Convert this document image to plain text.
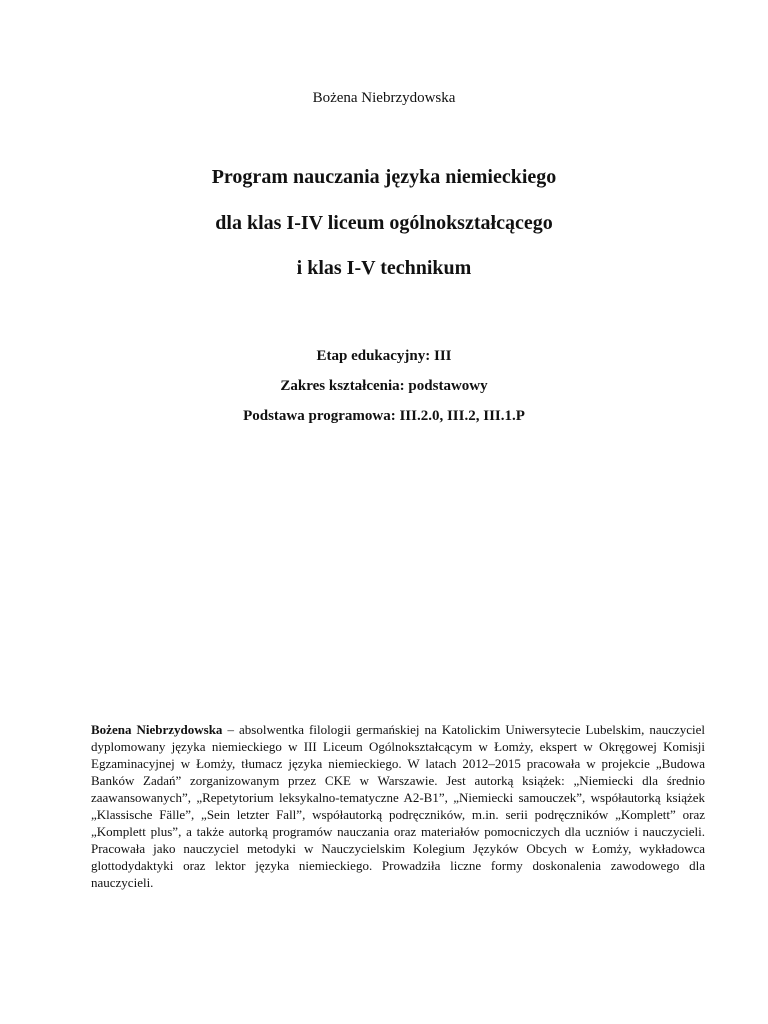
Bożena Niebrzydowska
Program nauczania języka niemieckiego
dla klas I-IV liceum ogólnokształcącego
i klas I-V technikum
Etap edukacyjny: III
Zakres kształcenia: podstawowy
Podstawa programowa: III.2.0, III.2, III.1.P
Bożena Niebrzydowska – absolwentka filologii germańskiej na Katolickim Uniwersytecie Lubelskim, nauczyciel dyplomowany języka niemieckiego w III Liceum Ogólnokształcącym w Łomży, ekspert w Okręgowej Komisji Egzaminacyjnej w Łomży, tłumacz języka niemieckiego. W latach 2012–2015 pracowała w projekcie „Budowa Banków Zadań” zorganizowanym przez CKE w Warszawie. Jest autorką książek: „Niemiecki dla średnio zaawansowanych”, „Repetytorium leksykalno-tematyczne A2-B1”, „Niemiecki samouczek”, współautorką książek „Klassische Fälle”, „Sein letzter Fall”, współautorką podręczników, m.in. serii podręczników „Komplett” oraz „Komplett plus”, a także autorką programów nauczania oraz materiałów pomocniczych dla uczniów i nauczycieli. Pracowała jako nauczyciel metodyki w Nauczycielskim Kolegium Języków Obcych w Łomży, wykładowca glottodydaktyki oraz lektor języka niemieckiego. Prowadziła liczne formy doskonalenia zawodowego dla nauczycieli.
